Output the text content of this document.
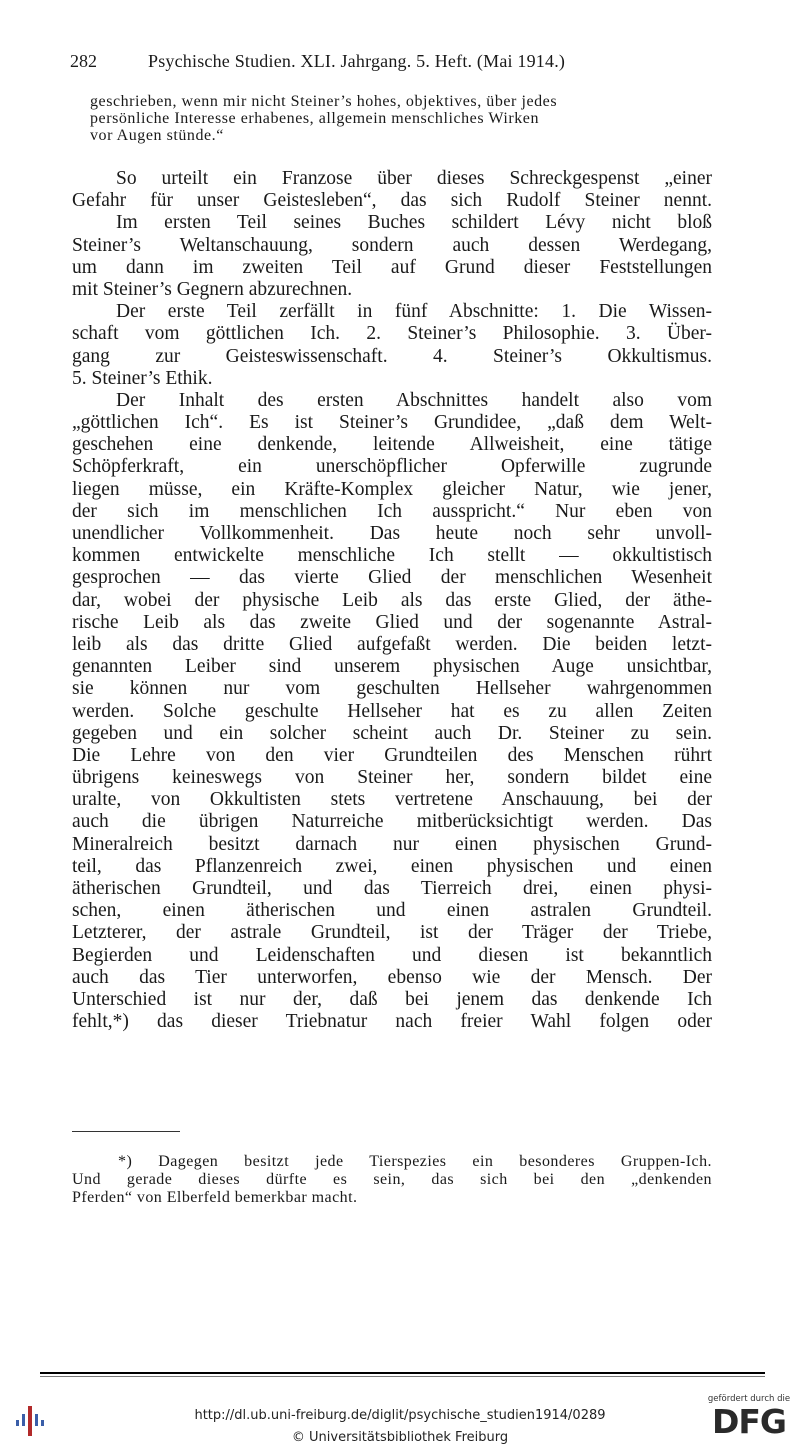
282	Psychische Studien. XLI. Jahrgang. 5. Heft. (Mai 1914.)
geschrieben, wenn mir nicht Steiner’s hohes, objektives, über jedes
persönliche Interesse erhabenes, allgemein menschliches Wirken
vor Augen stünde.“
So urteilt ein Franzose über dieses Schreckgespenst „einer
Gefahr für unser Geistesleben“, das sich Rudolf Steiner nennt.
Im ersten Teil seines Buches schildert Lévy nicht bloß
Steiner’s Weltanschauung, sondern auch dessen Werdegang,
um dann im zweiten Teil auf Grund dieser Feststellungen
mit Steiner’s Gegnern abzurechnen.
Der erste Teil zerfällt in fünf Abschnitte: 1. Die Wissen-
schaft vom göttlichen Ich. 2. Steiner’s Philosophie. 3. Über-
gang zur Geisteswissenschaft. 4. Steiner’s Okkultismus.
5. Steiner’s Ethik.
Der Inhalt des ersten Abschnittes handelt also vom
„göttlichen Ich“. Es ist Steiner’s Grundidee, „daß dem Welt-
geschehen eine denkende, leitende Allweisheit, eine tätige
Schöpferkraft, ein unerschöpflicher Opferwille zugrunde
liegen müsse, ein Kräfte-Komplex gleicher Natur, wie jener,
der sich im menschlichen Ich ausspricht.“ Nur eben von
unendlicher Vollkommenheit. Das heute noch sehr unvoll-
kommen entwickelte menschliche Ich stellt — okkultistisch
gesprochen — das vierte Glied der menschlichen Wesenheit
dar, wobei der physische Leib als das erste Glied, der äthe-
rische Leib als das zweite Glied und der sogenannte Astral-
leib als das dritte Glied aufgefaßt werden. Die beiden letzt-
genannten Leiber sind unserem physischen Auge unsichtbar,
sie können nur vom geschulten Hellseher wahrgenommen
werden. Solche geschulte Hellseher hat es zu allen Zeiten
gegeben und ein solcher scheint auch Dr. Steiner zu sein.
Die Lehre von den vier Grundteilen des Menschen rührt
übrigens keineswegs von Steiner her, sondern bildet eine
uralte, von Okkultisten stets vertretene Anschauung, bei der
auch die übrigen Naturreiche mitberücksichtigt werden. Das
Mineralreich besitzt darnach nur einen physischen Grund-
teil, das Pflanzenreich zwei, einen physischen und einen
ätherischen Grundteil, und das Tierreich drei, einen physi-
schen, einen ätherischen und einen astralen Grundteil.
Letzterer, der astrale Grundteil, ist der Träger der Triebe,
Begierden und Leidenschaften und diesen ist bekanntlich
auch das Tier unterworfen, ebenso wie der Mensch. Der
Unterschied ist nur der, daß bei jenem das denkende Ich
fehlt,*) das dieser Triebnatur nach freier Wahl folgen oder
*) Dagegen besitzt jede Tierspezies ein besonderes Gruppen-Ich.
Und gerade dieses dürfte es sein, das sich bei den „denkenden
Pferden“ von Elberfeld bemerkbar macht.
http://dl.ub.uni-freiburg.de/diglit/psychische_studien1914/0289
© Universitätsbibliothek Freiburg
gefördert durch die
DFG
